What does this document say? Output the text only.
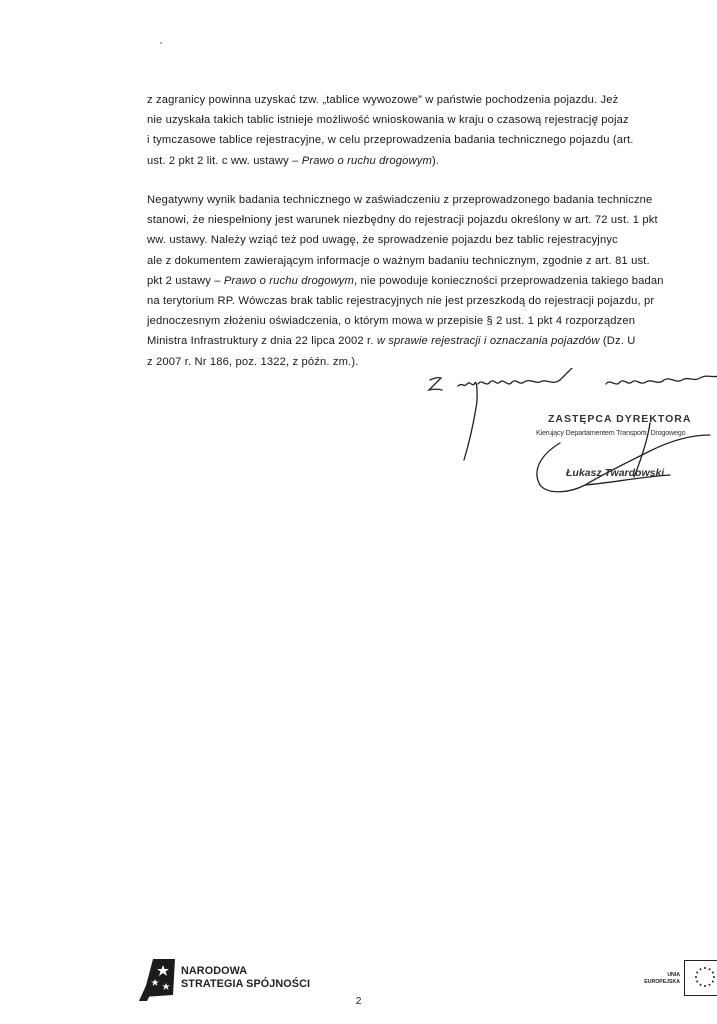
z zagranicy powinna uzyskać tzw. „tablice wywozowe” w państwie pochodzenia pojazdu. Jeż
nie uzyskała takich tablic istnieje możliwość wnioskowania w kraju o czasową rejestrację pojaz
i tymczasowe tablice rejestracyjne, w celu przeprowadzenia badania technicznego pojazdu (art.
ust. 2 pkt 2 lit. c ww. ustawy – Prawo o ruchu drogowym).
Negatywny wynik badania technicznego w zaświadczeniu z przeprowadzonego badania techniczne
stanowi, że niespełniony jest warunek niezbędny do rejestracji pojazdu określony w art. 72 ust. 1 pkt
ww. ustawy. Należy wziąć też pod uwagę, że sprowadzenie pojazdu bez tablic rejestracyjnyc
ale z dokumentem zawierającym informacje o ważnym badaniu technicznym, zgodnie z art. 81 ust.
pkt 2 ustawy – Prawo o ruchu drogowym, nie powoduje konieczności przeprowadzenia takiego badan
na terytorium RP. Wówczas brak tablic rejestracyjnych nie jest przeszkodą do rejestracji pojazdu, pr
jednoczesnym złożeniu oświadczenia, o którym mowa w przepisie § 2 ust. 1 pkt 4 rozporządzen
Ministra Infrastruktury z dnia 22 lipca 2002 r. w sprawie rejestracji i oznaczania pojazdów (Dz. U
z 2007 r. Nr 186, poz. 1322, z późn. zm.).
ZASTĘPCA DYREKTORA
Kierujący Departamentem Transportu Drogowego
Łukasz Twardowski
NARODOWA
STRATEGIA SPÓJNOŚCI
UNIA
EUROPEJSKA
2
